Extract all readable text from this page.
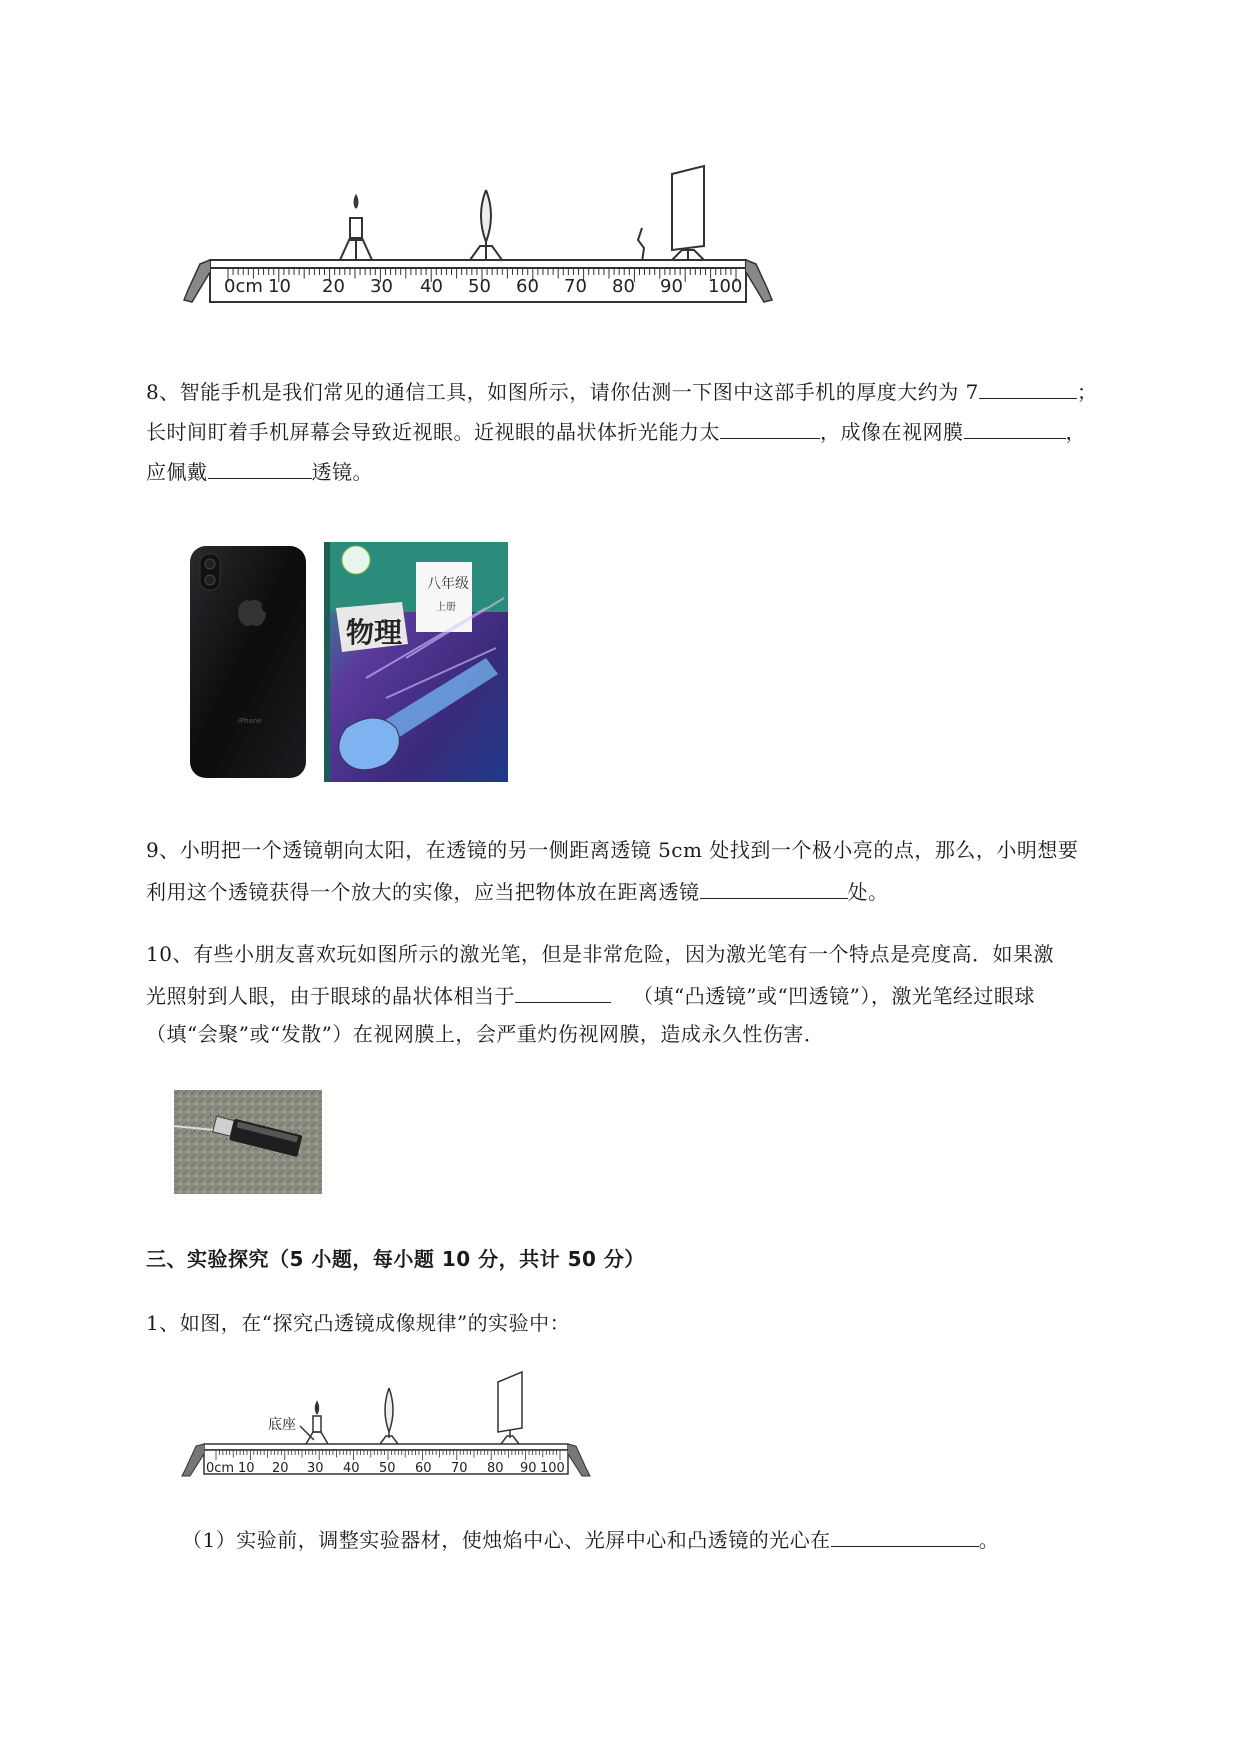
0cm 10 20 30 40 50 60 70 80 90 100
8、智能手机是我们常见的通信工具，如图所示，请你估测一下图中这部手机的厚度大约为 7	；
长时间盯着手机屏幕会导致近视眼。近视眼的晶状体折光能力太	，成像在视网膜	，
应佩戴	透镜。
iPhone
八年级
上册
物理
9、小明把一个透镜朝向太阳，在透镜的另一侧距离透镜 5cm 处找到一个极小亮的点，那么，小明想要
利用这个透镜获得一个放大的实像，应当把物体放在距离透镜	处。
10、有些小朋友喜欢玩如图所示的激光笔，但是非常危险，因为激光笔有一个特点是亮度高．如果激
光照射到人眼，由于眼球的晶状体相当于	（填“凸透镜”或“凹透镜”），激光笔经过眼球
（填“会聚”或“发散”）在视网膜上，会严重灼伤视网膜，造成永久性伤害．
三、实验探究（5 小题，每小题 10 分，共计 50 分）
1、如图，在“探究凸透镜成像规律”的实验中：
底座
0cm 10 20 30 40 50 60 70 80 90 100
（1）实验前，调整实验器材，使烛焰中心、光屏中心和凸透镜的光心在	。
